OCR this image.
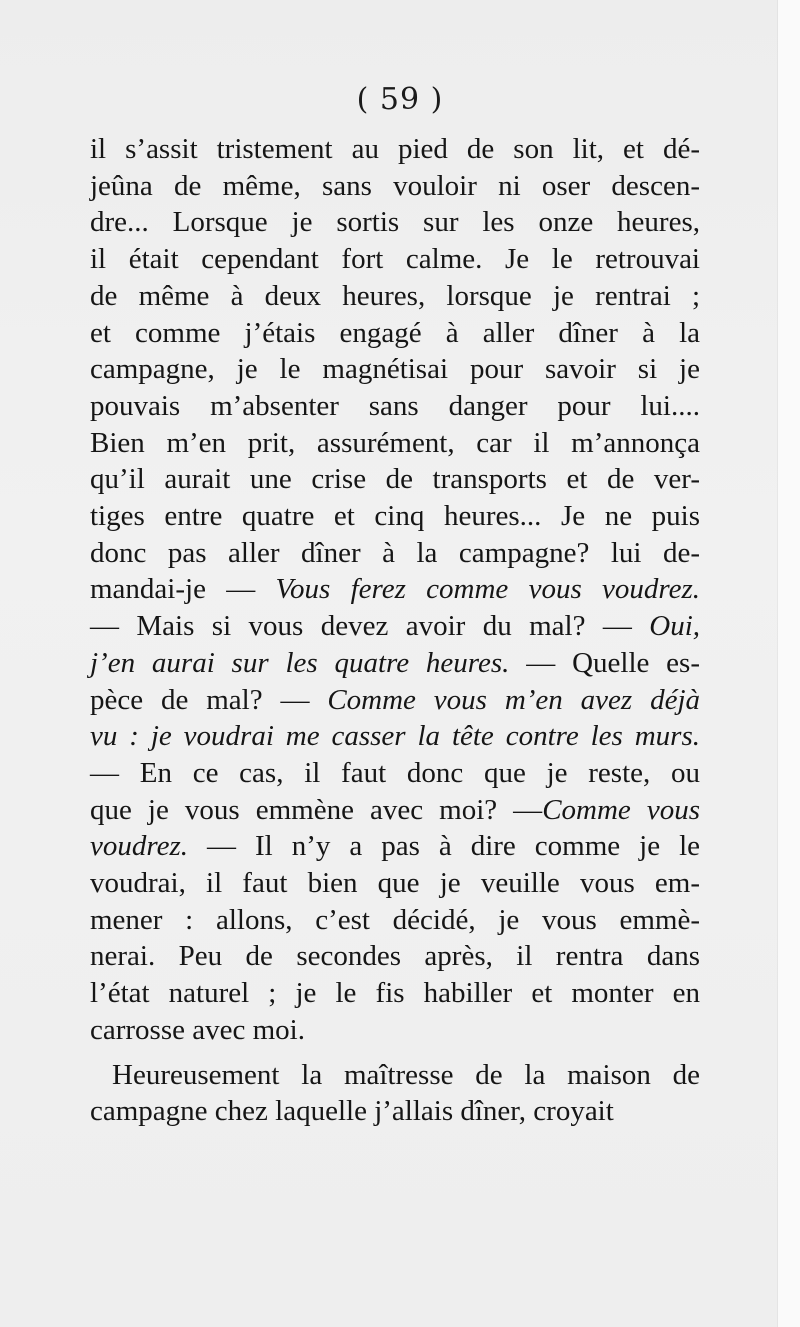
( 59 )
il s’assit tristement au pied de son lit, et dé-
jeûna de même, sans vouloir ni oser descen-
dre... Lorsque je sortis sur les onze heures,
il était cependant fort calme. Je le retrouvai
de même à deux heures, lorsque je rentrai ;
et comme j’étais engagé à aller dîner à la
campagne, je le magnétisai pour savoir si je
pouvais m’absenter sans danger pour lui....
Bien m’en prit, assurément, car il m’annonça
qu’il aurait une crise de transports et de ver-
tiges entre quatre et cinq heures... Je ne puis
donc pas aller dîner à la campagne? lui de-
mandai-je — Vous ferez comme vous voudrez.
— Mais si vous devez avoir du mal? — Oui,
j’en aurai sur les quatre heures. — Quelle es-
pèce de mal? — Comme vous m’en avez déjà
vu : je voudrai me casser la tête contre les murs.
— En ce cas, il faut donc que je reste, ou
que je vous emmène avec moi? —Comme vous
voudrez. — Il n’y a pas à dire comme je le
voudrai, il faut bien que je veuille vous em-
mener : allons, c’est décidé, je vous emmè-
nerai. Peu de secondes après, il rentra dans
l’état naturel ; je le fis habiller et monter en
carrosse avec moi.
Heureusement la maîtresse de la maison de
campagne chez laquelle j’allais dîner, croyait
